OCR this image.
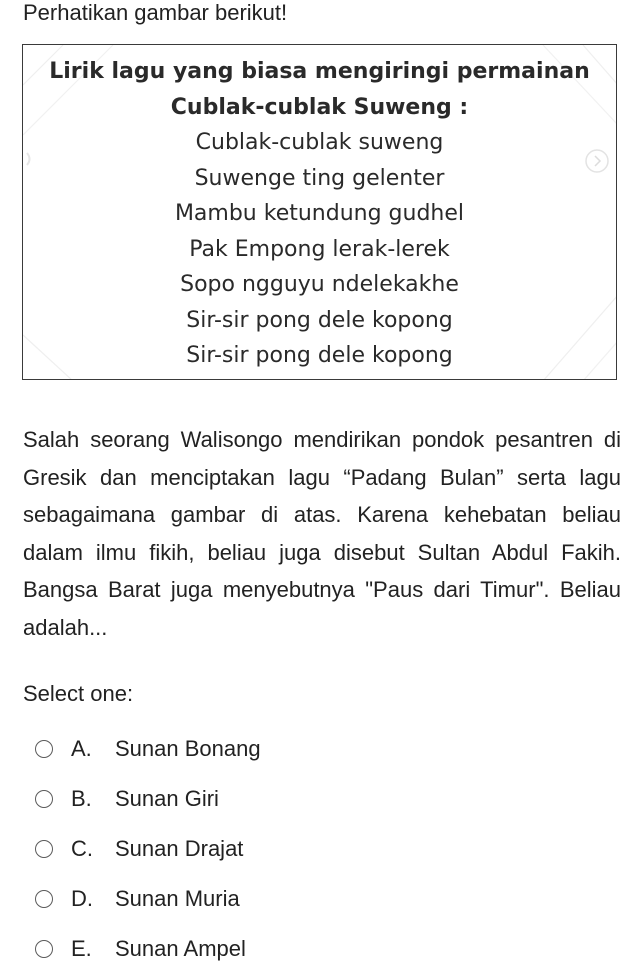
Perhatikan gambar berikut!
Lirik lagu yang biasa mengiringi permainan
Cublak-cublak Suweng :
Cublak-cublak suweng
Suwenge ting gelenter
Mambu ketundung gudhel
Pak Empong lerak-lerek
Sopo ngguyu ndelekakhe
Sir-sir pong dele kopong
Sir-sir pong dele kopong
Salah seorang Walisongo mendirikan pondok pesantren di Gresik dan menciptakan lagu “Padang Bulan” serta lagu sebagaimana gambar di atas. Karena kehebatan beliau dalam ilmu fikih, beliau juga disebut Sultan Abdul Fakih. Bangsa Barat juga menyebutnya "Paus dari Timur". Beliau adalah...
Select one:
A.	Sunan Bonang
B.	Sunan Giri
C.	Sunan Drajat
D.	Sunan Muria
E.	Sunan Ampel
